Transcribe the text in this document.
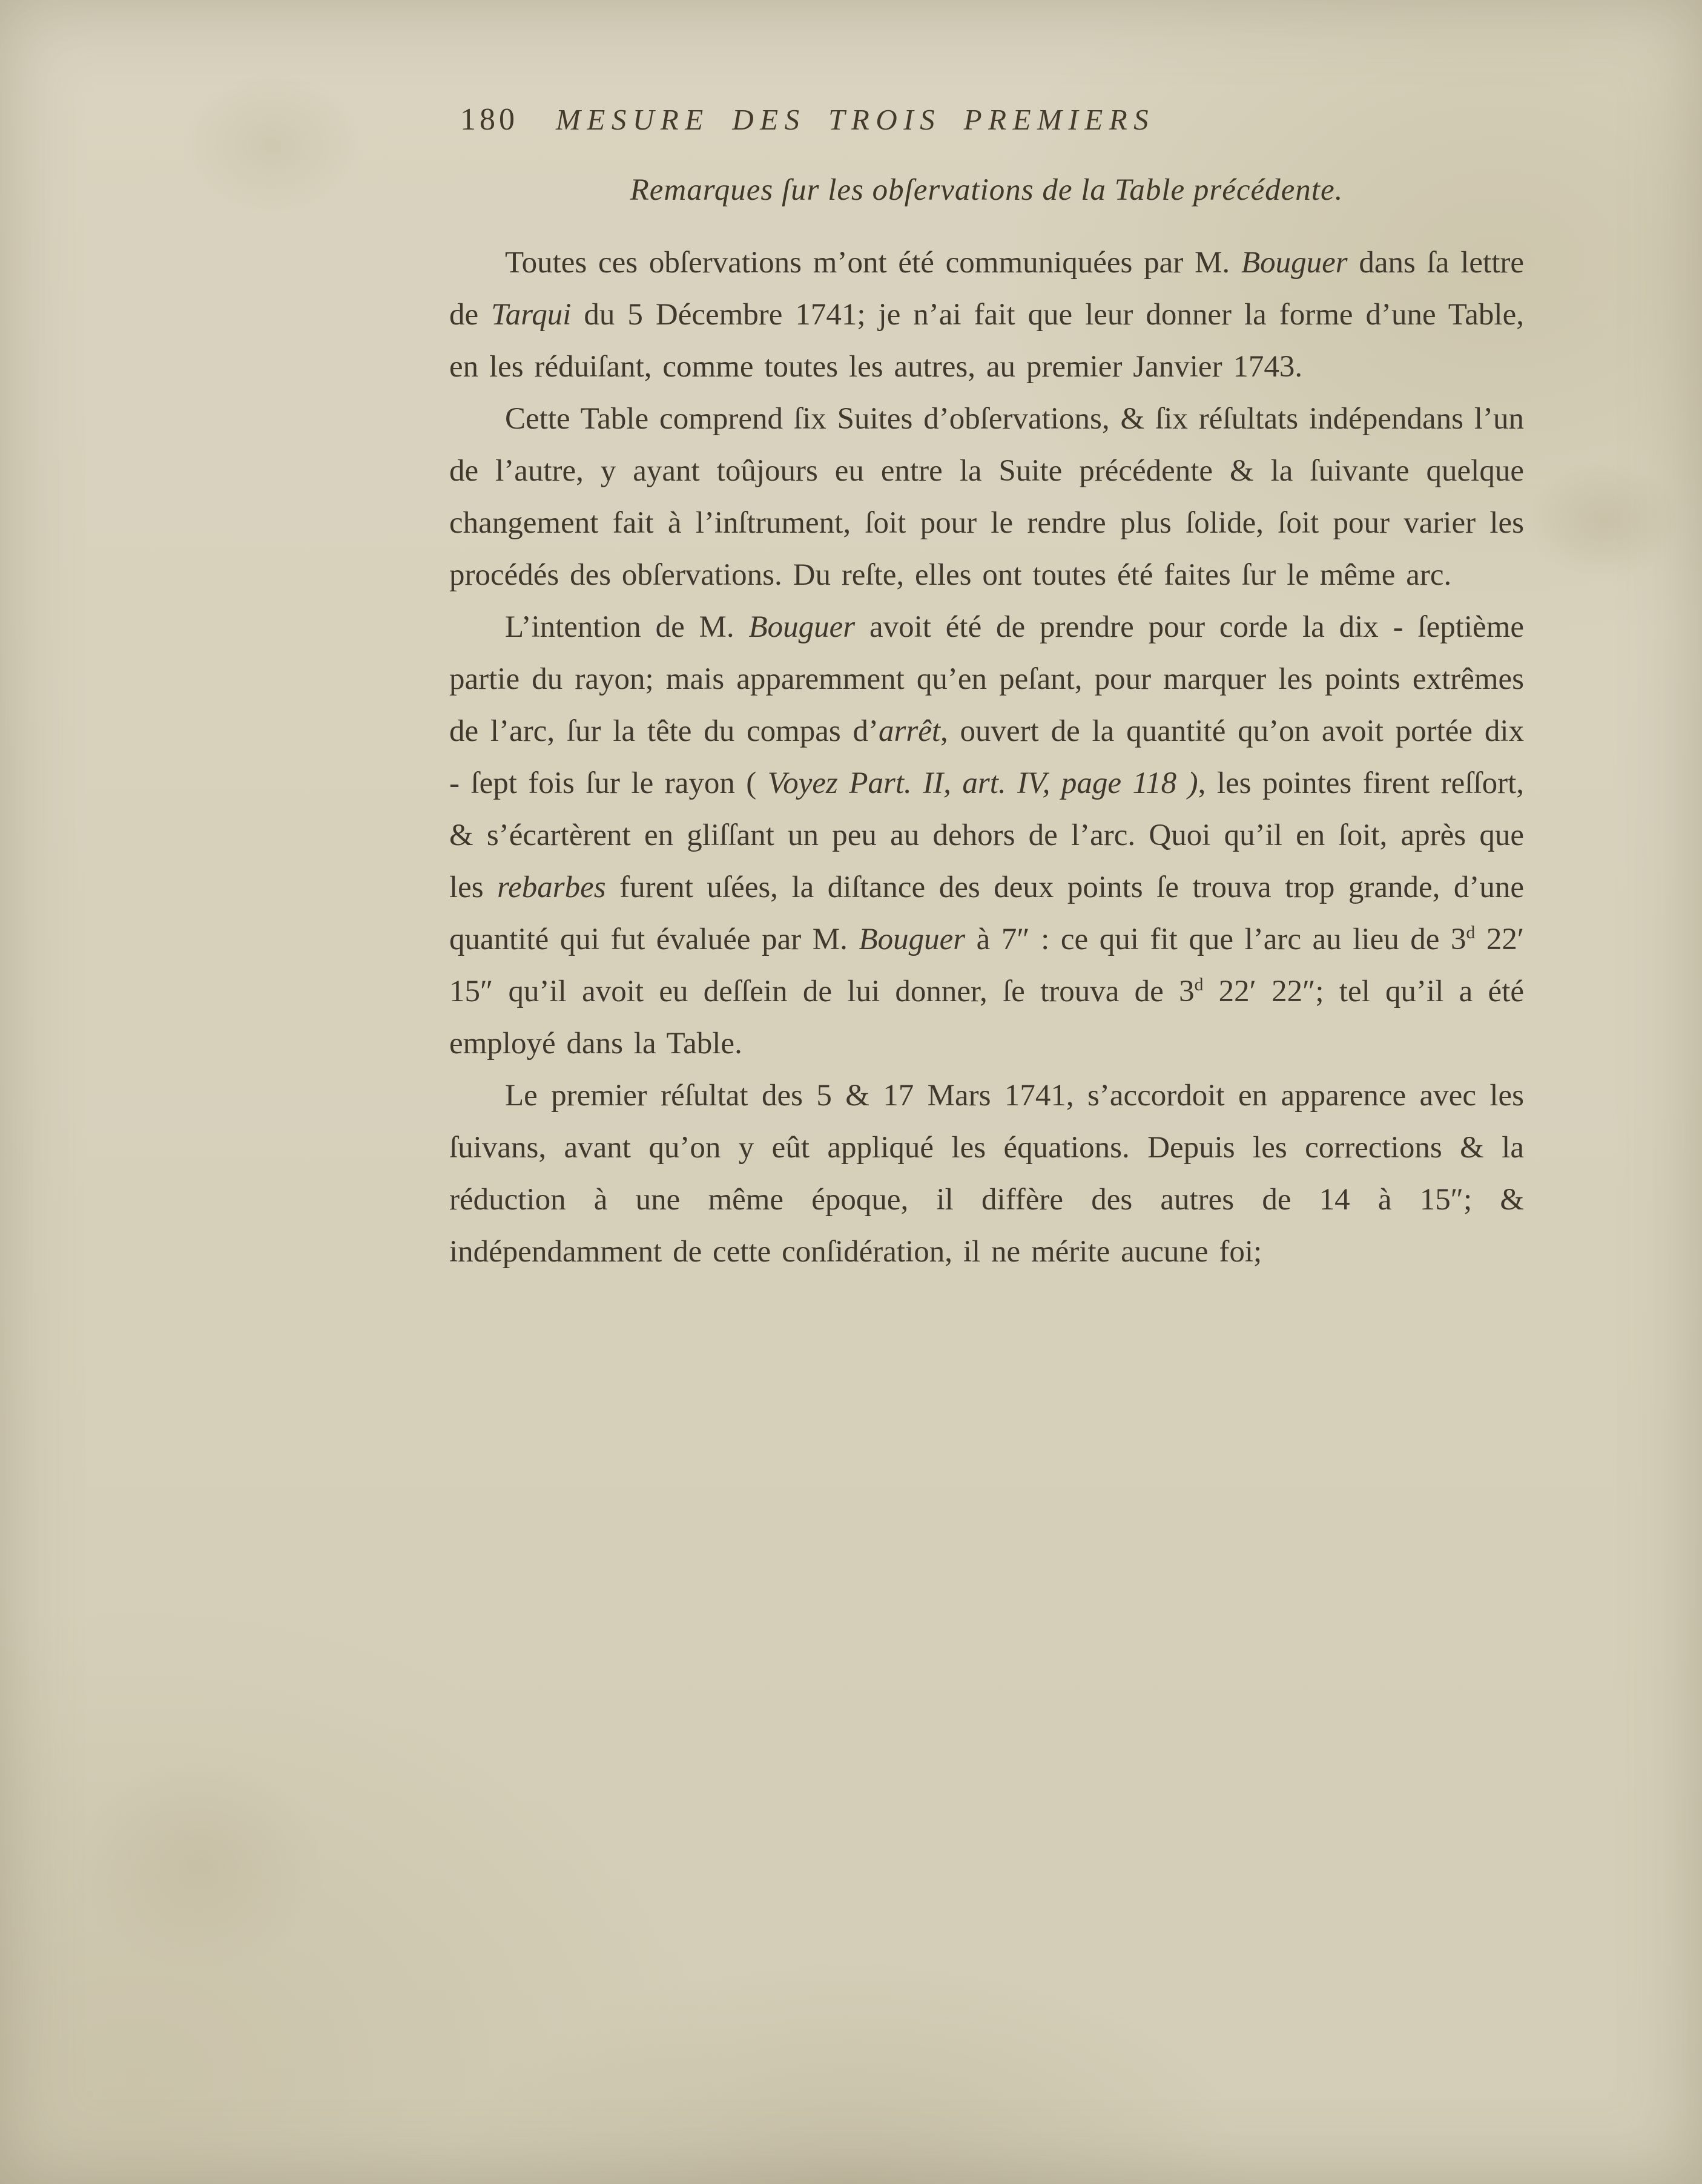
180 MESURE DES TROIS PREMIERS
Remarques ſur les obſervations de la Table précédente.

Toutes ces obſervations m’ont été communiquées par M. Bouguer dans ſa lettre de Tarqui du 5 Décembre 1741; je n’ai fait que leur donner la forme d’une Table, en les réduiſant, comme toutes les autres, au premier Janvier 1743.

Cette Table comprend ſix Suites d’obſervations, & ſix réſultats indépendans l’un de l’autre, y ayant toûjours eu entre la Suite précédente & la ſuivante quelque changement fait à l’inſtrument, ſoit pour le rendre plus ſolide, ſoit pour varier les procédés des obſervations. Du reſte, elles ont toutes été faites ſur le même arc.

L’intention de M. Bouguer avoit été de prendre pour corde la dix - ſeptième partie du rayon; mais apparemment qu’en peſant, pour marquer les points extrêmes de l’arc, ſur la tête du compas d’arrêt, ouvert de la quantité qu’on avoit portée dix - ſept fois ſur le rayon ( Voyez Part. II, art. IV, page 118 ), les pointes firent reſſort, & s’écartèrent en gliſſant un peu au dehors de l’arc. Quoi qu’il en ſoit, après que les rebarbes furent uſées, la diſtance des deux points ſe trouva trop grande, d’une quantité qui fut évaluée par M. Bouguer à 7″ : ce qui fit que l’arc au lieu de 3$^d$ 22′ 15″ qu’il avoit eu deſſein de lui donner, ſe trouva de 3$^d$ 22′ 22″; tel qu’il a été employé dans la Table.

Le premier réſultat des 5 & 17 Mars 1741, s’accordoit en apparence avec les ſuivans, avant qu’on y eût appliqué les équations. Depuis les corrections & la réduction à une même époque, il diffère des autres de 14 à 15″; & indépendamment de cette conſidération, il ne mérite aucune foi;
